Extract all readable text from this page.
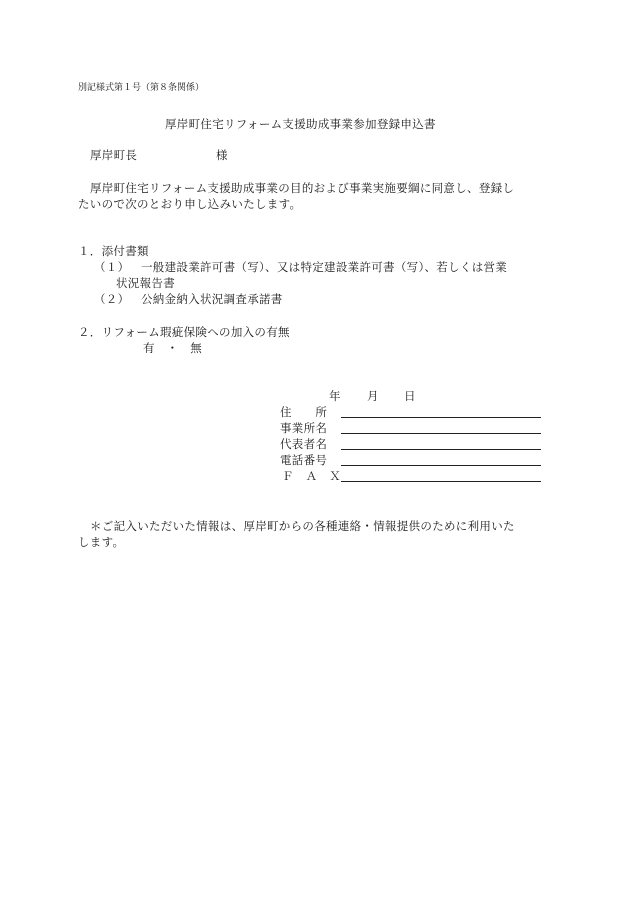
別記様式第１号（第８条関係）
厚岸町住宅リフォーム支援助成事業参加登録申込書
厚岸町長	様
厚岸町住宅リフォーム支援助成事業の目的および事業実施要綱に同意し、登録し
たいので次のとおり申し込みいたします。
１．添付書類
（１） 一般建設業許可書（写）、又は特定建設業許可書（写）、若しくは営業
状況報告書
（２） 公納金納入状況調査承諾書
２．リフォーム瑕疵保険への加入の有無
有　・　無
年 月 日
住　　所
事業所名
代表者名
電話番号
Ｆ　Ａ　Ｘ
＊ご記入いただいた情報は、厚岸町からの各種連絡・情報提供のために利用いた
します。
